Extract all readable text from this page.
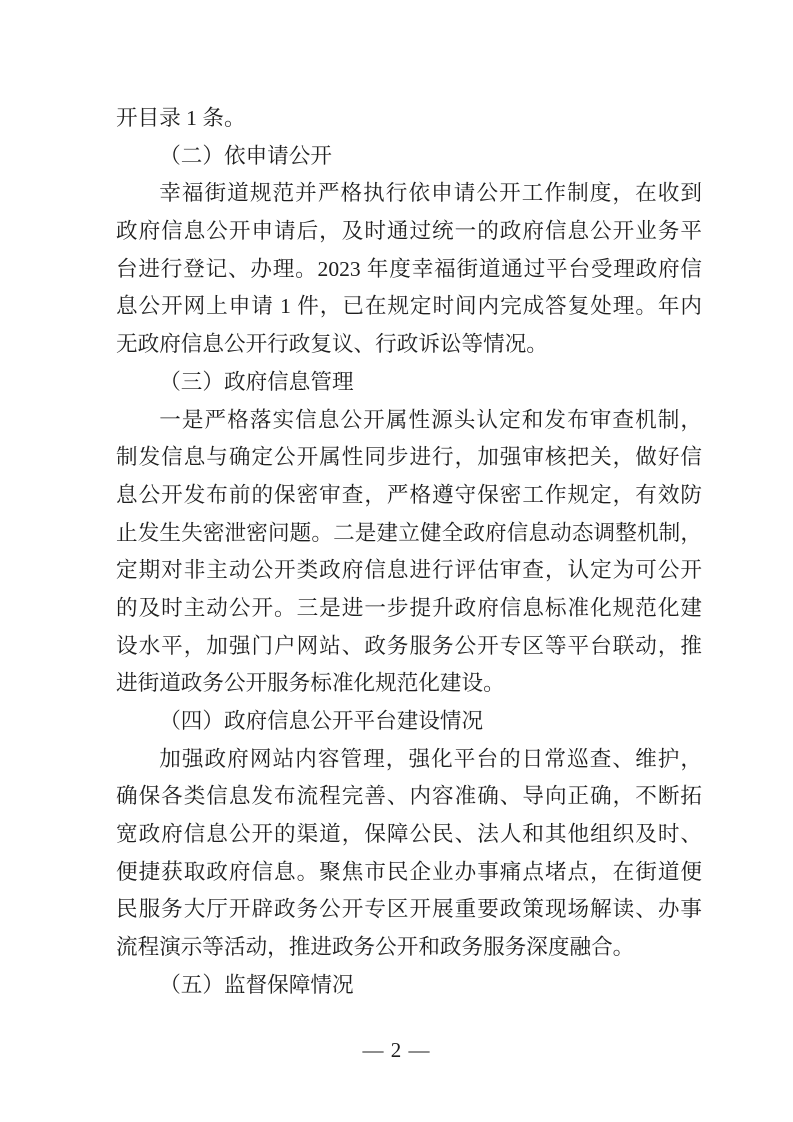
开目录 1 条。
（二）依申请公开
幸福街道规范并严格执行依申请公开工作制度，在收到
政府信息公开申请后，及时通过统一的政府信息公开业务平
台进行登记、办理。2023 年度幸福街道通过平台受理政府信
息公开网上申请 1 件，已在规定时间内完成答复处理。年内
无政府信息公开行政复议、行政诉讼等情况。
（三）政府信息管理
一是严格落实信息公开属性源头认定和发布审查机制，
制发信息与确定公开属性同步进行，加强审核把关，做好信
息公开发布前的保密审查，严格遵守保密工作规定，有效防
止发生失密泄密问题。二是建立健全政府信息动态调整机制，
定期对非主动公开类政府信息进行评估审查，认定为可公开
的及时主动公开。三是进一步提升政府信息标准化规范化建
设水平，加强门户网站、政务服务公开专区等平台联动，推
进街道政务公开服务标准化规范化建设。
（四）政府信息公开平台建设情况
加强政府网站内容管理，强化平台的日常巡查、维护，
确保各类信息发布流程完善、内容准确、导向正确，不断拓
宽政府信息公开的渠道，保障公民、法人和其他组织及时、
便捷获取政府信息。聚焦市民企业办事痛点堵点，在街道便
民服务大厅开辟政务公开专区开展重要政策现场解读、办事
流程演示等活动，推进政务公开和政务服务深度融合。
（五）监督保障情况
— 2 —
